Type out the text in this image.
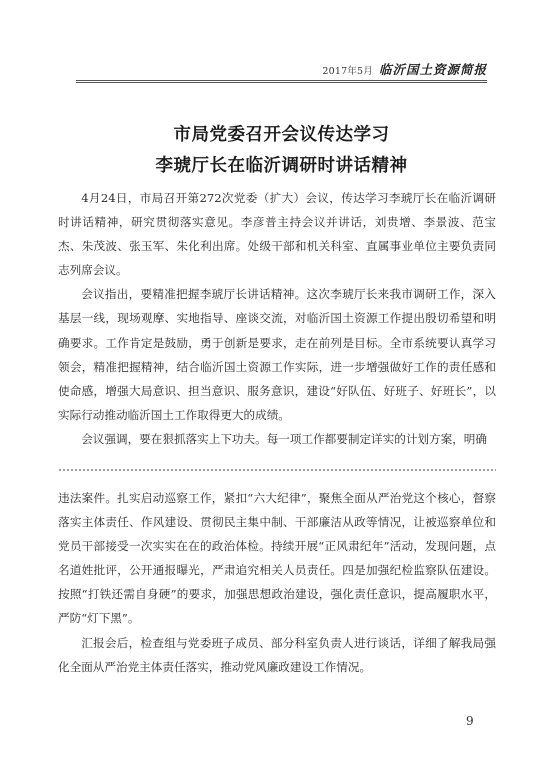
2017年5月 临沂国土资源简报
市局党委召开会议传达学习
李琥厅长在临沂调研时讲话精神

4月24日，市局召开第272次党委（扩大）会议，传达学习李琥厅长在临沂调研时讲话精神，研究贯彻落实意见。李彦普主持会议并讲话，刘贵增、李景波、范宝杰、朱茂波、张玉军、朱化利出席。处级干部和机关科室、直属事业单位主要负责同志列席会议。

会议指出，要精准把握李琥厅长讲话精神。这次李琥厅长来我市调研工作，深入基层一线，现场观摩、实地指导、座谈交流，对临沂国土资源工作提出殷切希望和明确要求。工作肯定是鼓励，勇于创新是要求，走在前列是目标。全市系统要认真学习领会，精准把握精神，结合临沂国土资源工作实际，进一步增强做好工作的责任感和使命感，增强大局意识、担当意识、服务意识，建设“好队伍、好班子、好班长”，以实际行动推动临沂国土工作取得更大的成绩。

会议强调，要在狠抓落实上下功夫。每一项工作都要制定详实的计划方案，明确

违法案件。扎实启动巡察工作，紧扣“六大纪律”，聚焦全面从严治党这个核心，督察落实主体责任、作风建设、贯彻民主集中制、干部廉洁从政等情况，让被巡察单位和党员干部接受一次实实在在的政治体检。持续开展“正风肃纪年”活动，发现问题，点名道姓批评，公开通报曝光，严肃追究相关人员责任。四是加强纪检监察队伍建设。按照“打铁还需自身硬”的要求，加强思想政治建设，强化责任意识，提高履职水平，严防“灯下黑”。

汇报会后，检查组与党委班子成员、部分科室负责人进行谈话，详细了解我局强化全面从严治党主体责任落实，推动党风廉政建设工作情况。

9
